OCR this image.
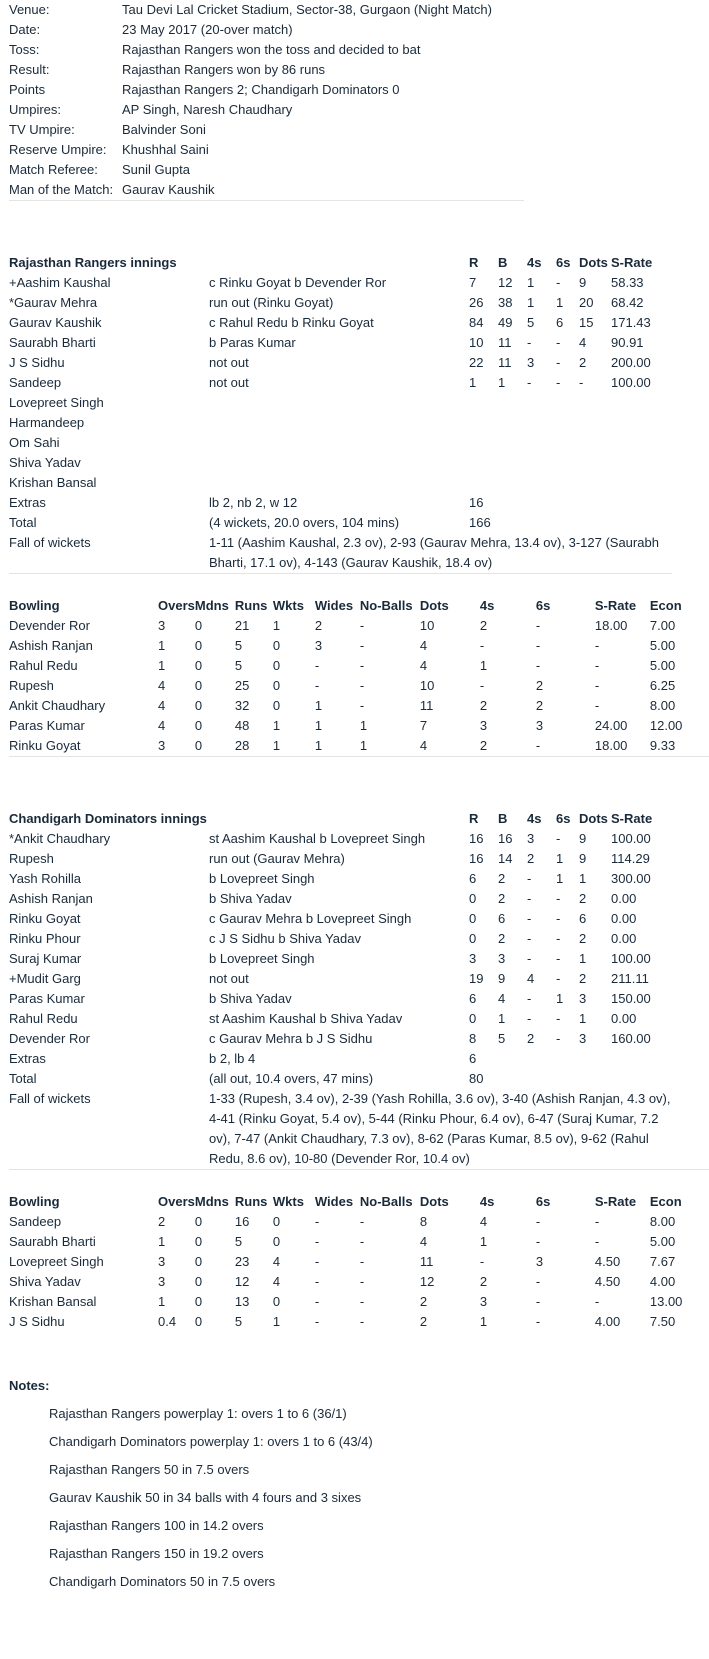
Venue:	Tau Devi Lal Cricket Stadium, Sector-38, Gurgaon (Night Match)
Date:	23 May 2017 (20-over match)
Toss:	Rajasthan Rangers won the toss and decided to bat
Result:	Rajasthan Rangers won by 86 runs
Points	Rajasthan Rangers 2; Chandigarh Dominators 0
Umpires:	AP Singh, Naresh Chaudhary
TV Umpire:	Balvinder Soni
Reserve Umpire:	Khushhal Saini
Match Referee:	Sunil Gupta
Man of the Match:	Gaurav Kaushik
Rajasthan Rangers innings		R	B	4s	6s	Dots	S-Rate
+Aashim Kaushal	c Rinku Goyat b Devender Ror	7	12	1	-	9	58.33
*Gaurav Mehra	run out (Rinku Goyat)	26	38	1	1	20	68.42
Gaurav Kaushik	c Rahul Redu b Rinku Goyat	84	49	5	6	15	171.43
Saurabh Bharti	b Paras Kumar	10	11	-	-	4	90.91
J S Sidhu	not out	22	11	3	-	2	200.00
Sandeep	not out	1	1	-	-	-	100.00
Lovepreet Singh							
Harmandeep							
Om Sahi							
Shiva Yadav							
Krishan Bansal							
Extras	lb 2, nb 2, w 12	16					
Total	(4 wickets, 20.0 overs, 104 mins)	166					
Fall of wickets	1-11 (Aashim Kaushal, 2.3 ov), 2-93 (Gaurav Mehra, 13.4 ov), 3-127 (Saurabh Bharti, 17.1 ov), 4-143 (Gaurav Kaushik, 18.4 ov)						
Bowling	Overs	Mdns	Runs	Wkts	Wides	No-Balls	Dots	4s	6s	S-Rate	Econ
Devender Ror	3	0	21	1	2	-	10	2	-	18.00	7.00
Ashish Ranjan	1	0	5	0	3	-	4	-	-	-	5.00
Rahul Redu	1	0	5	0	-	-	4	1	-	-	5.00
Rupesh	4	0	25	0	-	-	10	-	2	-	6.25
Ankit Chaudhary	4	0	32	0	1	-	11	2	2	-	8.00
Paras Kumar	4	0	48	1	1	1	7	3	3	24.00	12.00
Rinku Goyat	3	0	28	1	1	1	4	2	-	18.00	9.33
Chandigarh Dominators innings		R	B	4s	6s	Dots	S-Rate
*Ankit Chaudhary	st Aashim Kaushal b Lovepreet Singh	16	16	3	-	9	100.00
Rupesh	run out (Gaurav Mehra)	16	14	2	1	9	114.29
Yash Rohilla	b Lovepreet Singh	6	2	-	1	1	300.00
Ashish Ranjan	b Shiva Yadav	0	2	-	-	2	0.00
Rinku Goyat	c Gaurav Mehra b Lovepreet Singh	0	6	-	-	6	0.00
Rinku Phour	c J S Sidhu b Shiva Yadav	0	2	-	-	2	0.00
Suraj Kumar	b Lovepreet Singh	3	3	-	-	1	100.00
+Mudit Garg	not out	19	9	4	-	2	211.11
Paras Kumar	b Shiva Yadav	6	4	-	1	3	150.00
Rahul Redu	st Aashim Kaushal b Shiva Yadav	0	1	-	-	1	0.00
Devender Ror	c Gaurav Mehra b J S Sidhu	8	5	2	-	3	160.00
Extras	b 2, lb 4	6					
Total	(all out, 10.4 overs, 47 mins)	80					
Fall of wickets	1-33 (Rupesh, 3.4 ov), 2-39 (Yash Rohilla, 3.6 ov), 3-40 (Ashish Ranjan, 4.3 ov), 4-41 (Rinku Goyat, 5.4 ov), 5-44 (Rinku Phour, 6.4 ov), 6-47 (Suraj Kumar, 7.2 ov), 7-47 (Ankit Chaudhary, 7.3 ov), 8-62 (Paras Kumar, 8.5 ov), 9-62 (Rahul Redu, 8.6 ov), 10-80 (Devender Ror, 10.4 ov)						
Bowling	Overs	Mdns	Runs	Wkts	Wides	No-Balls	Dots	4s	6s	S-Rate	Econ
Sandeep	2	0	16	0	-	-	8	4	-	-	8.00
Saurabh Bharti	1	0	5	0	-	-	4	1	-	-	5.00
Lovepreet Singh	3	0	23	4	-	-	11	-	3	4.50	7.67
Shiva Yadav	3	0	12	4	-	-	12	2	-	4.50	4.00
Krishan Bansal	1	0	13	0	-	-	2	3	-	-	13.00
J S Sidhu	0.4	0	5	1	-	-	2	1	-	4.00	7.50
Notes:
Rajasthan Rangers powerplay 1: overs 1 to 6 (36/1)
Chandigarh Dominators powerplay 1: overs 1 to 6 (43/4)
Rajasthan Rangers 50 in 7.5 overs
Gaurav Kaushik 50 in 34 balls with 4 fours and 3 sixes
Rajasthan Rangers 100 in 14.2 overs
Rajasthan Rangers 150 in 19.2 overs
Chandigarh Dominators 50 in 7.5 overs
